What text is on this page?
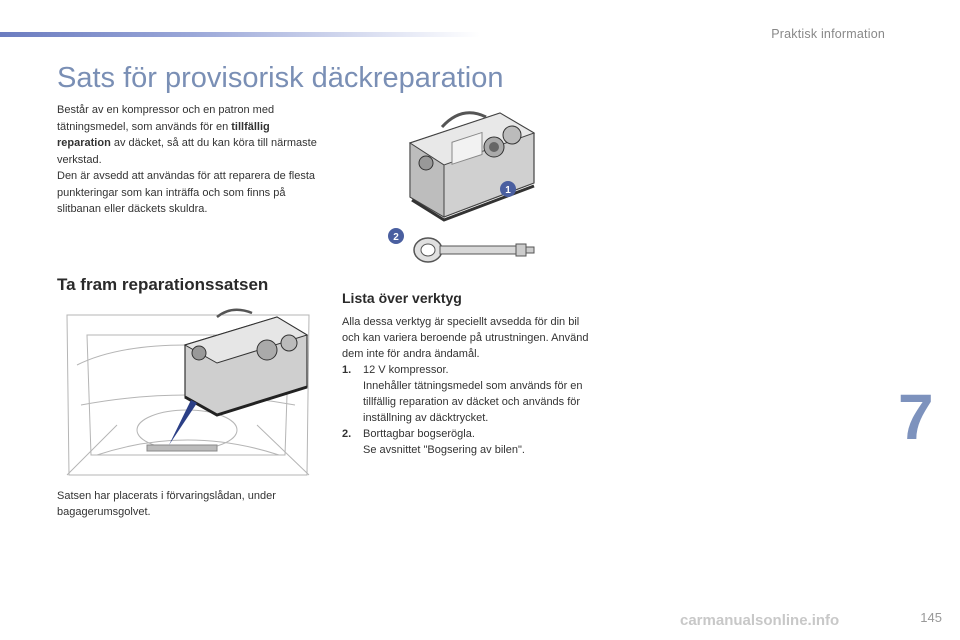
Praktisk information
Sats för provisorisk däckreparation
Består av en kompressor och en patron med tätningsmedel, som används för en tillfällig reparation av däcket, så att du kan köra till närmaste verkstad.
Den är avsedd att användas för att reparera de flesta punkteringar som kan inträffa och som finns på slitbanan eller däckets skuldra.
1
2
Ta fram reparationssatsen
Satsen har placerats i förvaringslådan, under bagagerumsgolvet.
Lista över verktyg
Alla dessa verktyg är speciellt avsedda för din bil och kan variera beroende på utrustningen. Använd dem inte för andra ändamål.
1.	12 V kompressor.
Innehåller tätningsmedel som används för en tillfällig reparation av däcket och används för inställning av däcktrycket.
2.	Borttagbar bogserögla.
Se avsnittet "Bogsering av bilen".	7
carmanualsonline.info	145
